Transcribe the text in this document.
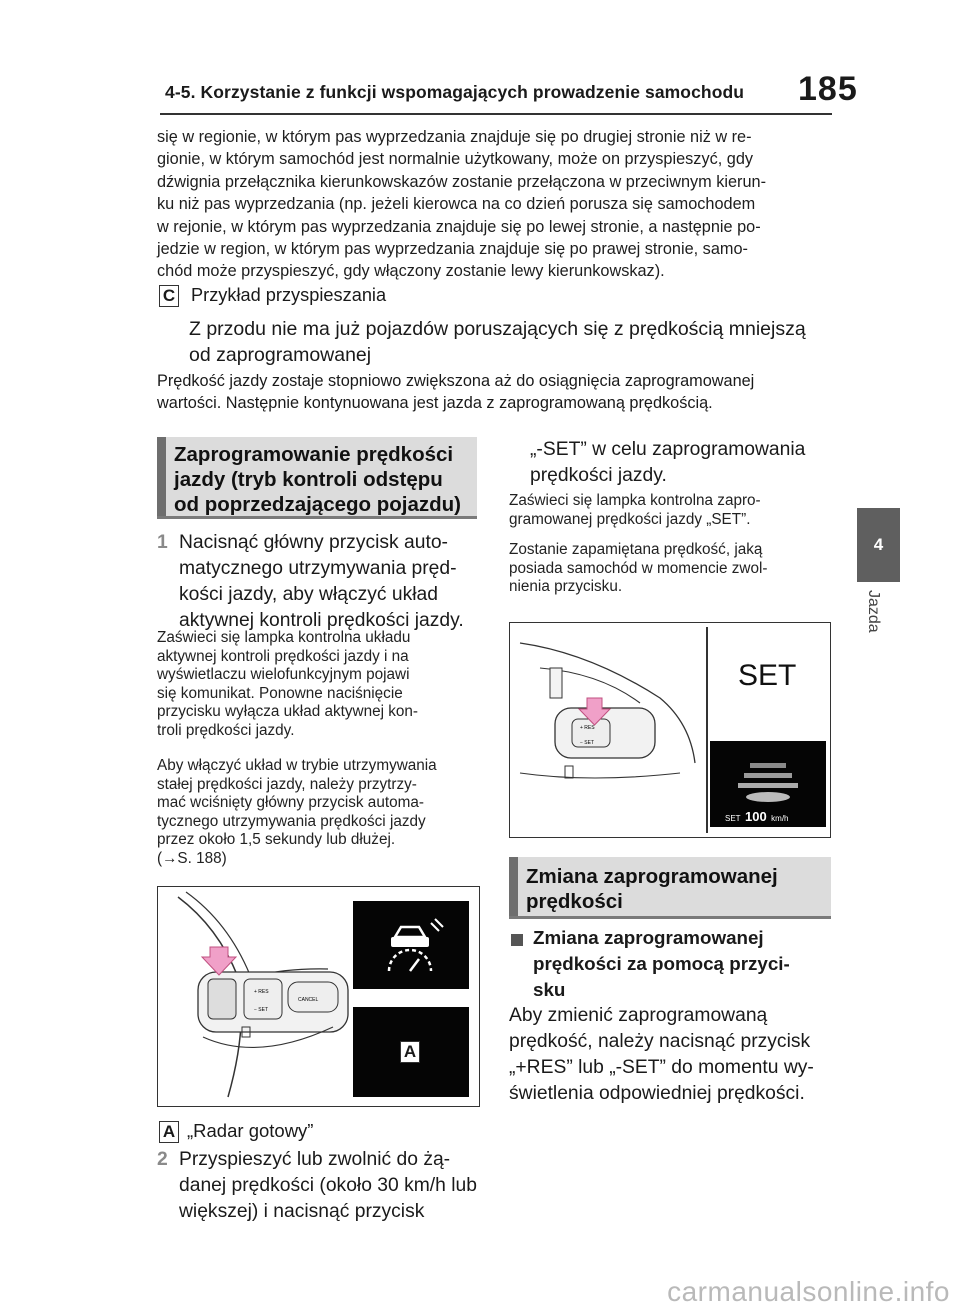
4-5. Korzystanie z funkcji wspomagających prowadzenie samochodu 185
4
Jazda

się w regionie, w którym pas wyprzedzania znajduje się po drugiej stronie niż w re-

gionie, w którym samochód jest normalnie użytkowany, może on przyspieszyć, gdy

dźwignia przełącznika kierunkowskazów zostanie przełączona w przeciwnym kierun-

ku niż pas wyprzedzania (np. jeżeli kierowca na co dzień porusza się samochodem

w rejonie, w którym pas wyprzedzania znajduje się po lewej stronie, a następnie po-

jedzie w region, w którym pas wyprzedzania znajduje się po prawej stronie, samo-

chód może przyspieszyć, gdy włączony zostanie lewy kierunkowskaz).

C Przykład przyspieszania
Z przodu nie ma już pojazdów poruszających się z prędkością mniejszą
od zaprogramowanej
Prędkość jazdy zostaje stopniowo zwiększona aż do osiągnięcia zaprogramowanej
wartości. Następnie kontynuowana jest jazda z zaprogramowaną prędkością.
Zaprogramowanie prędkości
jazdy (tryb kontroli odstępu
od poprzedzającego pojazdu)
1 Nacisnąć główny przycisk auto-
matycznego utrzymywania pręd-
kości jazdy, aby włączyć układ
aktywnej kontroli prędkości jazdy.
Zaświeci się lampka kontrolna układu
aktywnej kontroli prędkości jazdy i na
wyświetlaczu wielofunkcyjnym pojawi
się komunikat. Ponowne naciśnięcie
przycisku wyłącza układ aktywnej kon-
troli prędkości jazdy.
Aby włączyć układ w trybie utrzymywania
stałej prędkości jazdy, należy przytrzy-
mać wciśnięty główny przycisk automa-
tycznego utrzymywania prędkości jazdy
przez około 1,5 sekundy lub dłużej.
(→S. 188)
+ RES
− SET
CANCEL
A
A „Radar gotowy”
2 Przyspieszyć lub zwolnić do żą-
danej prędkości (około 30 km/h lub
większej) i nacisnąć przycisk
„-SET” w celu zaprogramowania
prędkości jazdy.
Zaświeci się lampka kontrolna zapro-
gramowanej prędkości jazdy „SET”.
Zostanie zapamiętana prędkość, jaką
posiada samochód w momencie zwol-
nienia przycisku.
+ RES
− SET
SET
SET 100 km/h
Zmiana zaprogramowanej
prędkości
Zmiana zaprogramowanej
prędkości za pomocą przyci-
sku
Aby zmienić zaprogramowaną
prędkość, należy nacisnąć przycisk
„+RES” lub „-SET” do momentu wy-
świetlenia odpowiedniej prędkości.
carmanualsonline.info
